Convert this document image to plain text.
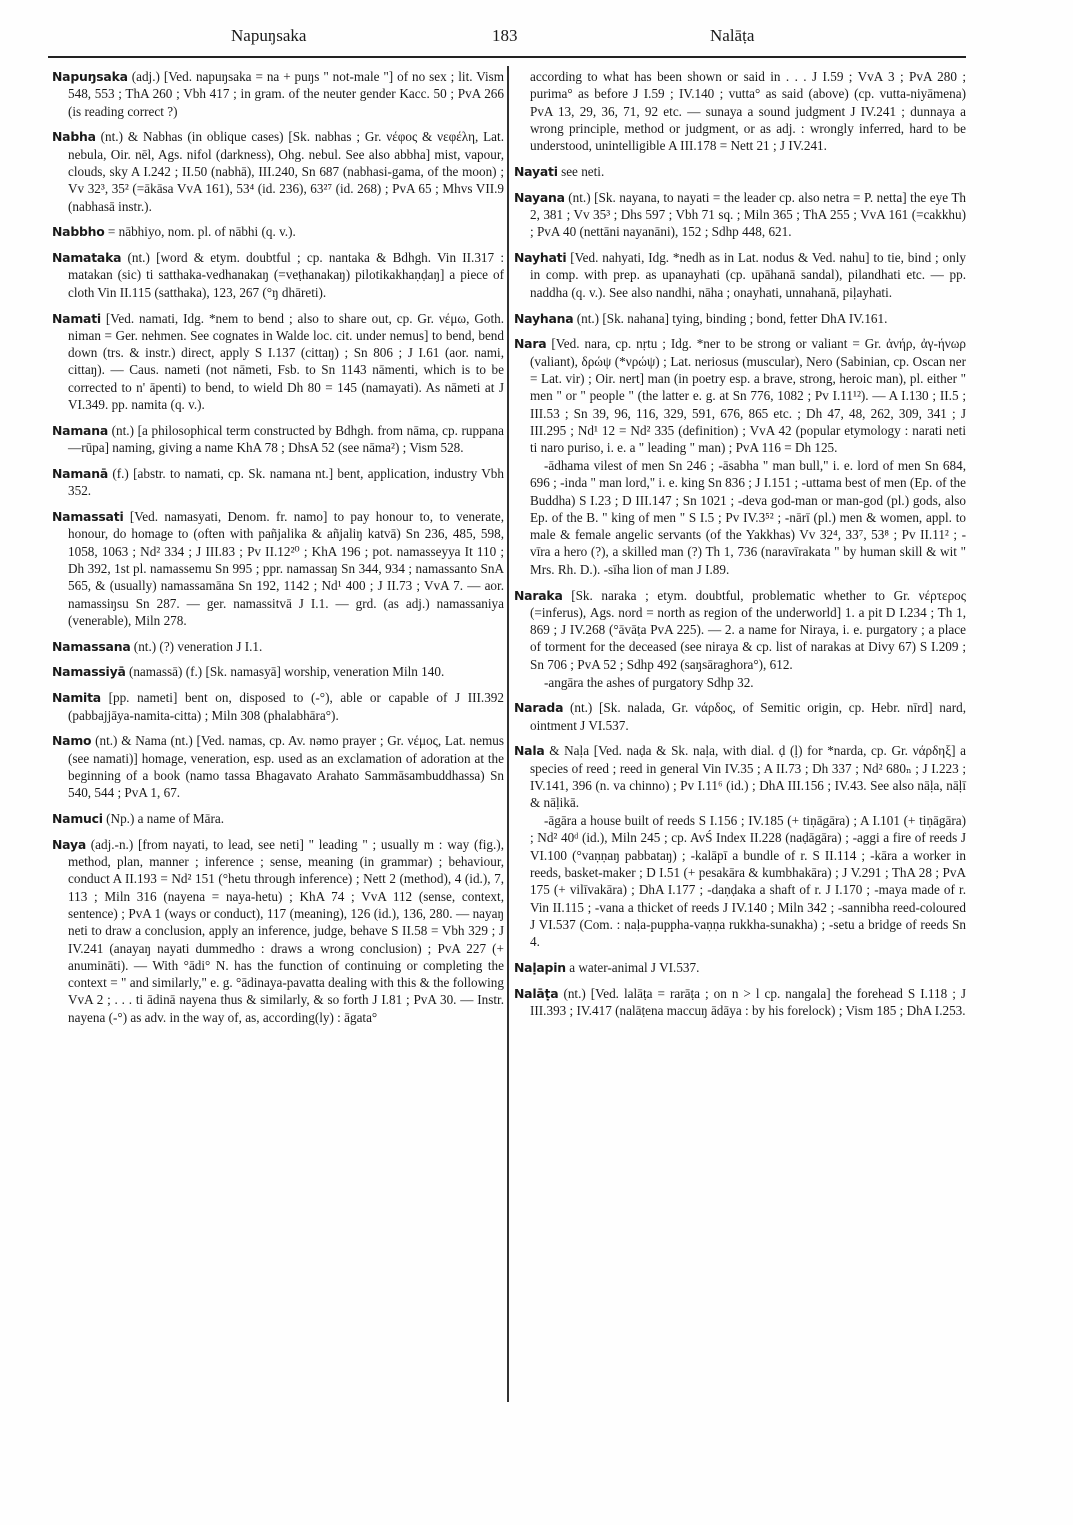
Napuŋsaka	183	Nalāṭa

Napuŋsaka (adj.) [Ved. napuŋsaka = na + puŋs " not-male "] of no sex ; lit. Vism 548, 553 ; ThA 260 ; Vbh 417 ; in gram. of the neuter gender Kacc. 50 ; PvA 266 (is reading correct ?)

Nabha (nt.) & Nabhas (in oblique cases) [Sk. nabhas ; Gr. νέφος & νεφέλη, Lat. nebula, Oir. nēl, Ags. nifol (darkness), Ohg. nebul. See also abbha] mist, vapour, clouds, sky A I.242 ; II.50 (nabhā), III.240, Sn 687 (nabhasi-gama, of the moon) ; Vv 32³, 35² (=ākāsa VvA 161), 53⁴ (id. 236), 63²⁷ (id. 268) ; PvA 65 ; Mhvs VII.9 (nabhasā instr.).

Nabbho = nābhiyo, nom. pl. of nābhi (q. v.).

Namataka (nt.) [word & etym. doubtful ; cp. nantaka & Bdhgh. Vin II.317 : matakan (sic) ti satthaka-vedhanakaŋ (=veṭhanakaŋ) pilotikakhaṇḍaŋ] a piece of cloth Vin II.115 (satthaka), 123, 267 (°ŋ dhāreti).

Namati [Ved. namati, Idg. *nem to bend ; also to share out, cp. Gr. νέμω, Goth. niman = Ger. nehmen. See cognates in Walde loc. cit. under nemus] to bend, bend down (trs. & instr.) direct, apply S I.137 (cittaŋ) ; Sn 806 ; J I.61 (aor. nami, cittaŋ). — Caus. nameti (not nāmeti, Fsb. to Sn 1143 nāmenti, which is to be corrected to n' āpenti) to bend, to wield Dh 80 = 145 (namayati). As nāmeti at J VI.349. pp. namita (q. v.).

Namana (nt.) [a philosophical term constructed by Bdhgh. from nāma, cp. ruppana—rūpa] naming, giving a name KhA 78 ; DhsA 52 (see nāma²) ; Vism 528.

Namanā (f.) [abstr. to namati, cp. Sk. namana nt.] bent, application, industry Vbh 352.

Namassati [Ved. namasyati, Denom. fr. namo] to pay honour to, to venerate, honour, do homage to (often with pañjalika & añjaliŋ katvā) Sn 236, 485, 598, 1058, 1063 ; Nd² 334 ; J III.83 ; Pv II.12²⁰ ; KhA 196 ; pot. namasseyya It 110 ; Dh 392, 1st pl. namassemu Sn 995 ; ppr. namassaŋ Sn 344, 934 ; namassanto SnA 565, & (usually) namassamāna Sn 192, 1142 ; Nd¹ 400 ; J II.73 ; VvA 7. — aor. namassiŋsu Sn 287. — ger. namassitvā J I.1. — grd. (as adj.) namassaniya (venerable), Miln 278.

Namassana (nt.) (?) veneration J I.1.

Namassiyā (namassā) (f.) [Sk. namasyā] worship, veneration Miln 140.

Namita [pp. nameti] bent on, disposed to (-°), able or capable of J III.392 (pabbajjāya-namita-citta) ; Miln 308 (phalabhāra°).

Namo (nt.) & Nama (nt.) [Ved. namas, cp. Av. nəmo prayer ; Gr. νέμος, Lat. nemus (see namati)] homage, veneration, esp. used as an exclamation of adoration at the beginning of a book (namo tassa Bhagavato Arahato Sammāsambuddhassa) Sn 540, 544 ; PvA 1, 67.

Namuci (Np.) a name of Māra.

Naya (adj.-n.) [from nayati, to lead, see neti] " leading " ; usually m : way (fig.), method, plan, manner ; inference ; sense, meaning (in grammar) ; behaviour, conduct A II.193 = Nd² 151 (°hetu through inference) ; Nett 2 (method), 4 (id.), 7, 113 ; Miln 316 (nayena = naya-hetu) ; KhA 74 ; VvA 112 (sense, context, sentence) ; PvA 1 (ways or conduct), 117 (meaning), 126 (id.), 136, 280. — nayaŋ neti to draw a conclusion, apply an inference, judge, behave S II.58 = Vbh 329 ; J IV.241 (anayaŋ nayati dummedho : draws a wrong conclusion) ; PvA 227 (+ anumināti). — With °ādi° N. has the function of continuing or completing the context = " and similarly," e. g. °ādinaya-pavatta dealing with this & the following VvA 2 ; . . . ti ādinā nayena thus & similarly, & so forth J I.81 ; PvA 30. — Instr. nayena (-°) as adv. in the way of, as, according(ly) : āgata°

according to what has been shown or said in . . . J I.59 ; VvA 3 ; PvA 280 ; purima° as before J I.59 ; IV.140 ; vutta° as said (above) (cp. vutta-niyāmena) PvA 13, 29, 36, 71, 92 etc. — sunaya a sound judgment J IV.241 ; dunnaya a wrong principle, method or judgment, or as adj. : wrongly inferred, hard to be understood, unintelligible A III.178 = Nett 21 ; J IV.241.

Nayati see neti.

Nayana (nt.) [Sk. nayana, to nayati = the leader cp. also netra = P. netta] the eye Th 2, 381 ; Vv 35³ ; Dhs 597 ; Vbh 71 sq. ; Miln 365 ; ThA 255 ; VvA 161 (=cakkhu) ; PvA 40 (nettāni nayanāni), 152 ; Sdhp 448, 621.

Nayhati [Ved. nahyati, Idg. *nedh as in Lat. nodus & Ved. nahu] to tie, bind ; only in comp. with prep. as upanayhati (cp. upāhanā sandal), pilandhati etc. — pp. naddha (q. v.). See also nandhi, nāha ; onayhati, unnahanā, piḷayhati.

Nayhana (nt.) [Sk. nahana] tying, binding ; bond, fetter DhA IV.161.

Nara [Ved. nara, cp. nṛtu ; Idg. *ner to be strong or valiant = Gr. ἀνήρ, ἀγ-ήνωρ (valiant), δρώψ (*νρώψ) ; Lat. neriosus (muscular), Nero (Sabinian, cp. Oscan ner = Lat. vir) ; Oir. nert] man (in poetry esp. a brave, strong, heroic man), pl. either " men " or " people " (the latter e. g. at Sn 776, 1082 ; Pv I.11¹²). — A I.130 ; II.5 ; III.53 ; Sn 39, 96, 116, 329, 591, 676, 865 etc. ; Dh 47, 48, 262, 309, 341 ; J III.295 ; Nd¹ 12 = Nd² 335 (definition) ; VvA 42 (popular etymology : narati neti ti naro puriso, i. e. a " leading " man) ; PvA 116 = Dh 125.

-ādhama vilest of men Sn 246 ; -āsabha " man bull," i. e. lord of men Sn 684, 696 ; -inda " man lord," i. e. king Sn 836 ; J I.151 ; -uttama best of men (Ep. of the Buddha) S I.23 ; D III.147 ; Sn 1021 ; -deva god-man or man-god (pl.) gods, also Ep. of the B. " king of men " S I.5 ; Pv IV.3⁵² ; -nārī (pl.) men & women, appl. to male & female angelic servants (of the Yakkhas) Vv 32⁴, 33⁷, 53⁸ ; Pv II.11² ; -vīra a hero (?), a skilled man (?) Th 1, 736 (naravīrakata " by human skill & wit " Mrs. Rh. D.). -sīha lion of man J I.89.

Naraka [Sk. naraka ; etym. doubtful, problematic whether to Gr. νέρτερος (=inferus), Ags. nord = north as region of the underworld] 1. a pit D I.234 ; Th 1, 869 ; J IV.268 (°āvāṭa PvA 225). — 2. a name for Niraya, i. e. purgatory ; a place of torment for the deceased (see niraya & cp. list of narakas at Divy 67) S I.209 ; Sn 706 ; PvA 52 ; Sdhp 492 (saŋsāraghora°), 612.

-angāra the ashes of purgatory Sdhp 32.

Narada (nt.) [Sk. nalada, Gr. νάρδος, of Semitic origin, cp. Hebr. nīrd] nard, ointment J VI.537.

Nala & Naḷa [Ved. naḍa & Sk. naḷa, with dial. ḍ (ḷ) for *narda, cp. Gr. νάρδηξ] a species of reed ; reed in general Vin IV.35 ; A II.73 ; Dh 337 ; Nd² 680ₙ ; J I.223 ; IV.141, 396 (n. va chinno) ; Pv I.11⁶ (id.) ; DhA III.156 ; IV.43. See also nāḷa, nāḷī & nāḷikā.

-āgāra a house built of reeds S I.156 ; IV.185 (+ tiṇāgāra) ; A I.101 (+ tiṇāgāra) ; Nd² 40ᵈ (id.), Miln 245 ; cp. AvŚ Index II.228 (naḍāgāra) ; -aggi a fire of reeds J VI.100 (°vaṇṇaŋ pabbataŋ) ; -kalāpī a bundle of r. S II.114 ; -kāra a worker in reeds, basket-maker ; D I.51 (+ pesakāra & kumbhakāra) ; J V.291 ; ThA 28 ; PvA 175 (+ vilīvakāra) ; DhA I.177 ; -daṇḍaka a shaft of r. J I.170 ; -maya made of r. Vin II.115 ; -vana a thicket of reeds J IV.140 ; Miln 342 ; -sannibha reed-coloured J VI.537 (Com. : naḷa-puppha-vaṇṇa rukkha-sunakha) ; -setu a bridge of reeds Sn 4.

Naḷapin a water-animal J VI.537.

Nalāṭa (nt.) [Ved. lalāṭa = rarāṭa ; on n > l cp. nangala] the forehead S I.118 ; J III.393 ; IV.417 (nalāṭena maccuŋ ādāya : by his forelock) ; Vism 185 ; DhA I.253.
